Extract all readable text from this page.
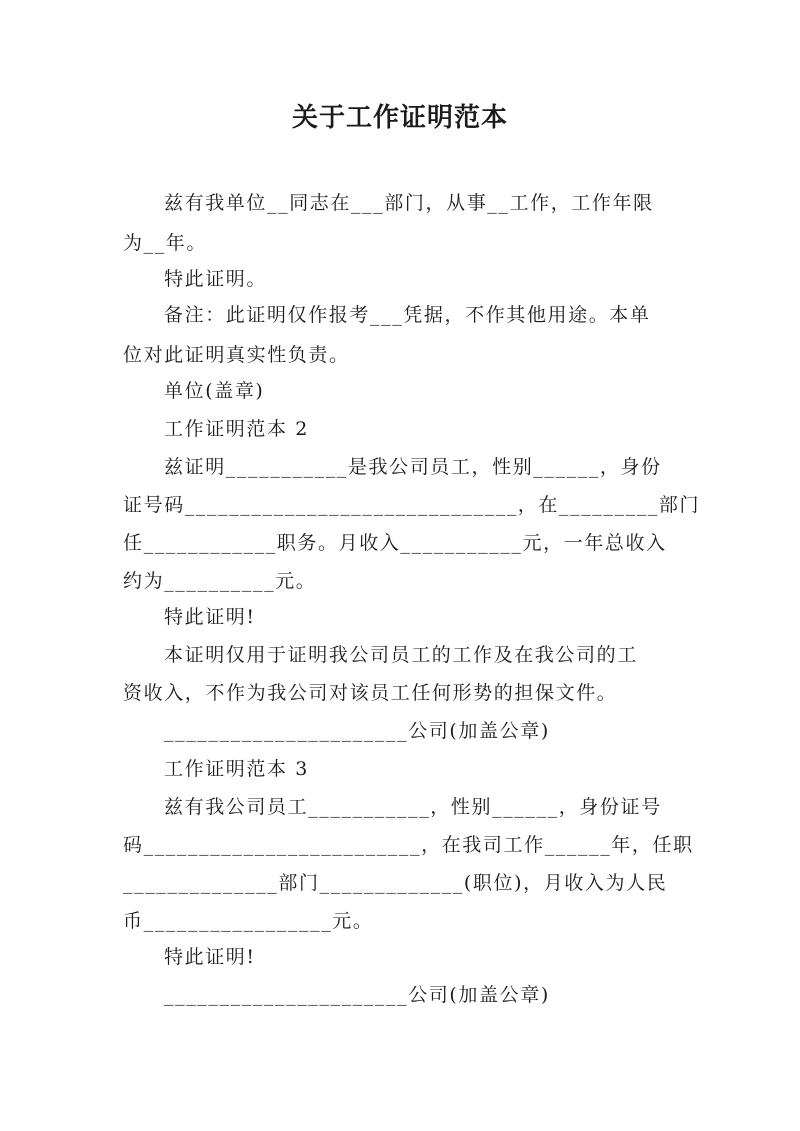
关于工作证明范本
兹有我单位__同志在___部门，从事__工作，工作年限
为__年。
特此证明。
备注：此证明仅作报考___凭据，不作其他用途。本单
位对此证明真实性负责。
单位(盖章)
工作证明范本 2
兹证明___________是我公司员工，性别______，身份
证号码______________________________，在_________部门
任____________职务。月收入___________元，一年总收入
约为__________元。
特此证明!
本证明仅用于证明我公司员工的工作及在我公司的工
资收入，不作为我公司对该员工任何形势的担保文件。
______________________公司(加盖公章)
工作证明范本 3
兹有我公司员工___________，性别______，身份证号
码_________________________，在我司工作______年，任职
______________部门_____________(职位)，月收入为人民
币_________________元。
特此证明!
______________________公司(加盖公章)
